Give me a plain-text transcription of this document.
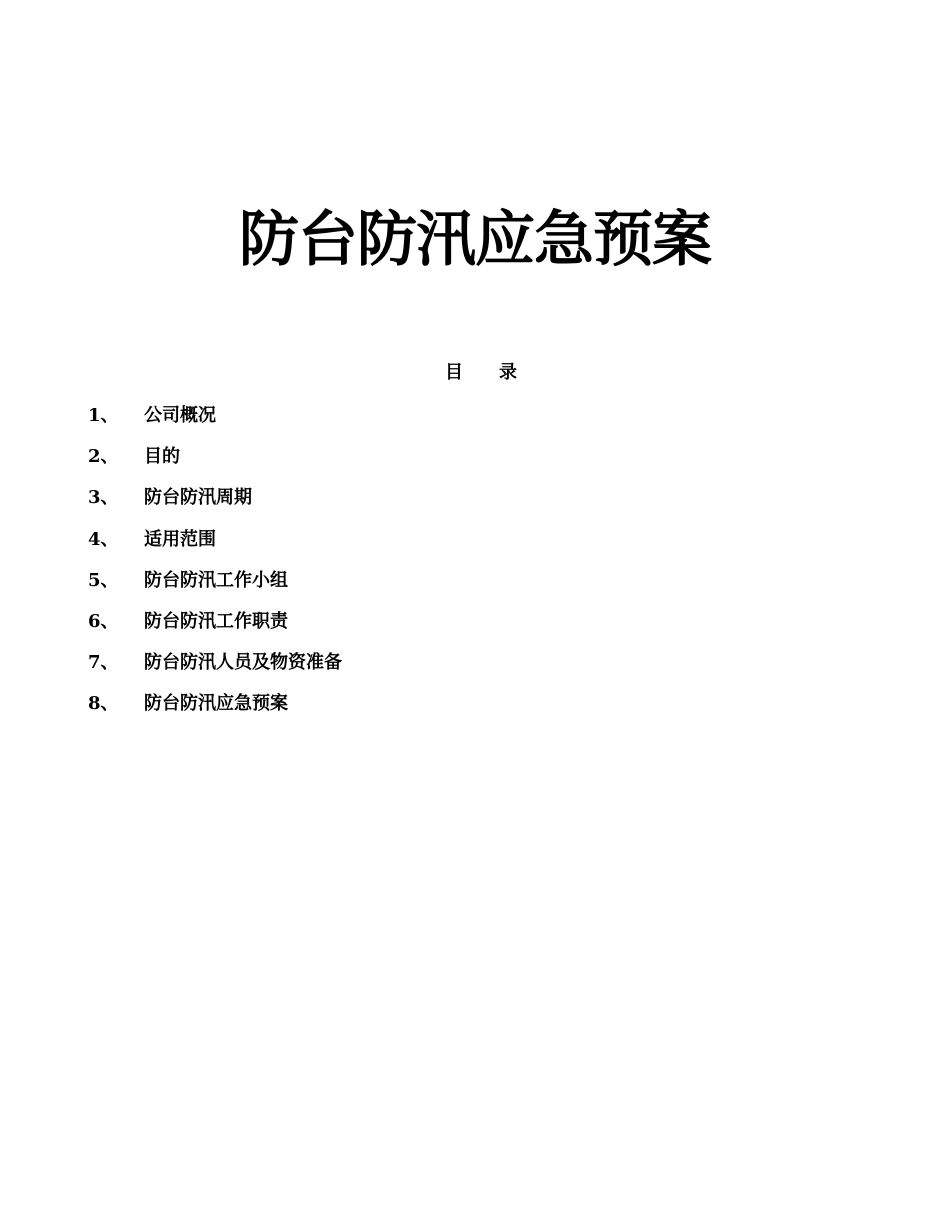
防台防汛应急预案
目　　录
1、	公司概况
2、	目的
3、	防台防汛周期
4、	适用范围
5、	防台防汛工作小组
6、	防台防汛工作职责
7、	防台防汛人员及物资准备
8、	防台防汛应急预案
